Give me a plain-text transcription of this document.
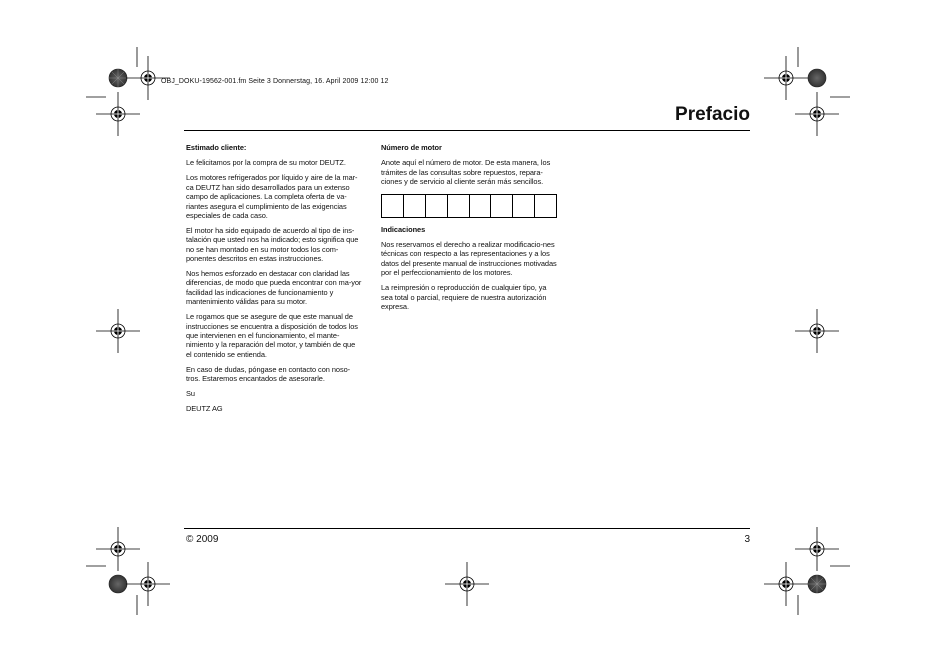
OBJ_DOKU-19562-001.fm Seite 3 Donnerstag, 16. April 2009 12:00 12
Prefacio
Estimado cliente:

Le felicitamos por la compra de su motor DEUTZ.

Los motores refrigerados por líquido y aire de la mar-ca DEUTZ han sido desarrollados para un extenso campo de aplicaciones. La completa oferta de va-riantes asegura el cumplimiento de las exigencias especiales de cada caso.

El motor ha sido equipado de acuerdo al tipo de ins-talación que usted nos ha indicado; esto significa que no se han montado en su motor todos los com-ponentes descritos en estas instrucciones.

Nos hemos esforzado en destacar con claridad las diferencias, de modo que pueda encontrar con ma-yor facilidad las indicaciones de funcionamiento y mantenimiento válidas para su motor.

Le rogamos que se asegure de que este manual de instrucciones se encuentra a disposición de todos los que intervienen en el funcionamiento, el mante-nimiento y la reparación del motor, y también de que el contenido se entienda.

En caso de dudas, póngase en contacto con noso-tros. Estaremos encantados de asesorarle.

Su

DEUTZ AG

Número de motor

Anote aquí el número de motor. De esta manera, los trámites de las consultas sobre repuestos, repara-ciones y de servicio al cliente serán más sencillos.

Indicaciones

Nos reservamos el derecho a realizar modificacio-nes técnicas con respecto a las representaciones y a los datos del presente manual de instrucciones motivadas por el perfeccionamiento de los motores.

La reimpresión o reproducción de cualquier tipo, ya sea total o parcial, requiere de nuestra autorización expresa.

© 2009	3
